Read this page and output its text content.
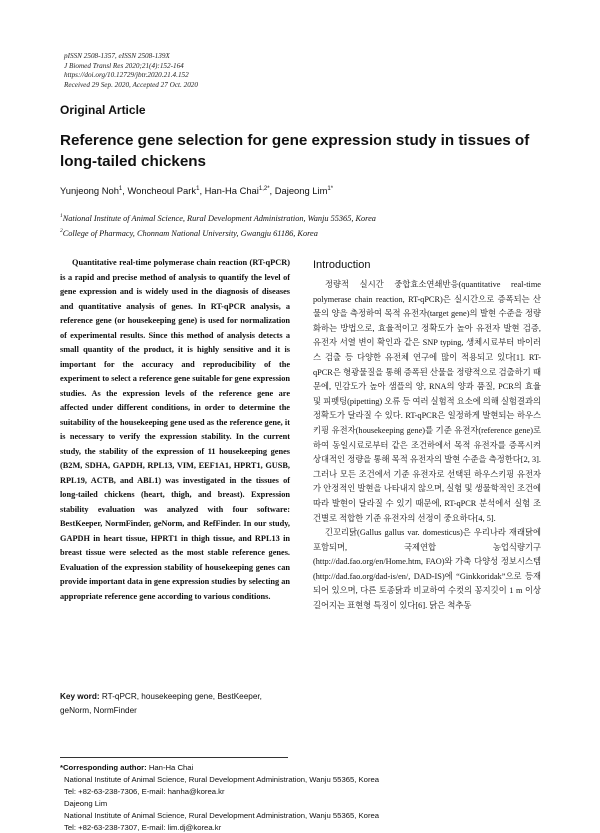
pISSN 2508-1357, eISSN 2508-139X
J Biomed Transl Res 2020;21(4):152-164
https://doi.org/10.12729/jbtr.2020.21.4.152
Received 29 Sep. 2020, Accepted 27 Oct. 2020
Original Article
Reference gene selection for gene expression study in tissues of long-tailed chickens
Yunjeong Noh$^1$, Woncheoul Park$^1$, Han-Ha Chai$^{1,2*}$, Dajeong Lim$^{1*}$
$^1$National Institute of Animal Science, Rural Development Administration, Wanju 55365, Korea
$^2$College of Pharmacy, Chonnam National University, Gwangju 61186, Korea

Quantitative real-time polymerase chain reaction (RT-qPCR) is a rapid and precise method of analysis to quantify the level of gene expression and is widely used in the diagnosis of diseases and quantitative analysis of genes. In RT-qPCR analysis, a reference gene (or housekeeping gene) is used for normalization of experimental results. Since this method of analysis detects a small quantity of the product, it is highly sensitive and it is important for the accuracy and reproducibility of the experiment to select a reference gene suitable for gene expression studies. As the expression levels of the reference gene are affected under different conditions, in order to determine the suitability of the housekeeping gene used as the reference gene, it is necessary to verify the expression stability. In the current study, the stability of the expression of 11 housekeeping genes (B2M, SDHA, GAPDH, RPL13, VIM, EEF1A1, HPRT1, GUSB, RPL19, ACTB, and ABL1) was investigated in the tissues of long-tailed chickens (heart, thigh, and breast). Expression stability evaluation was analyzed with four software: BestKeeper, NormFinder, geNorm, and RefFinder. In our study, GAPDH in heart tissue, HPRT1 in thigh tissue, and RPL13 in breast tissue were selected as the most stable reference genes. Evaluation of the expression stability of housekeeping genes can provide important data in gene expression studies by selecting an appropriate reference gene according to various conditions.

Key word: RT-qPCR, housekeeping gene, BestKeeper, geNorm, NormFinder
Introduction

정량적 실시간 중합효소연쇄반응(quantitative real-time polymerase chain reaction, RT-qPCR)은 실시간으로 증폭되는 산물의 양을 측정하여 목적 유전자(target gene)의 발현 수준을 정량화하는 방법으로, 효율적이고 정확도가 높아 유전자 발현 검증, 유전자 서열 변이 확인과 같은 SNP typing, 생체시료부터 바이러스 검출 등 다양한 유전체 연구에 많이 적용되고 있다[1]. RT-qPCR은 형광물질을 통해 증폭된 산물을 정량적으로 검출하기 때문에, 민감도가 높아 샘플의 양, RNA의 양과 품질, PCR의 효율 및 피펫팅(pipetting) 오류 등 여러 실험적 요소에 의해 실험결과의 정확도가 달라질 수 있다. RT-qPCR은 일정하게 발현되는 하우스키핑 유전자(housekeeping gene)를 기준 유전자(reference gene)로 하여 동일시료로부터 같은 조건하에서 목적 유전자를 증폭시켜 상대적인 정량을 통해 목적 유전자의 발현 수준을 측정한다[2, 3]. 그러나 모든 조건에서 기준 유전자로 선택된 하우스키핑 유전자가 안정적인 발현을 나타내지 않으며, 실험 및 생물학적인 조건에 따라 발현이 달라질 수 있기 때문에, RT-qPCR 분석에서 실험 조건별로 적합한 기준 유전자의 선정이 중요하다[4, 5].

긴꼬리닭(Gallus gallus var. domesticus)은 우리나라 재래닭에 포함되며, 국제연합 농업식량기구(http://dad.fao.org/en/Home.htm, FAO)와 가축 다양성 정보시스템(http://dad.fao.org/dad-is/en/, DAD-IS)에 “Ginkkoridak”으로 등재되어 있으며, 다른 토종닭과 비교하여 수컷의 꽁지깃이 1 m 이상 길어지는 표현형 특징이 있다[6]. 닭은 척추동

*Corresponding author: Han-Ha Chai
National Institute of Animal Science, Rural Development Administration, Wanju 55365, Korea
Tel: +82-63-238-7306, E-mail: hanha@korea.kr
Dajeong Lim
National Institute of Animal Science, Rural Development Administration, Wanju 55365, Korea
Tel: +82-63-238-7307, E-mail: lim.dj@korea.kr
